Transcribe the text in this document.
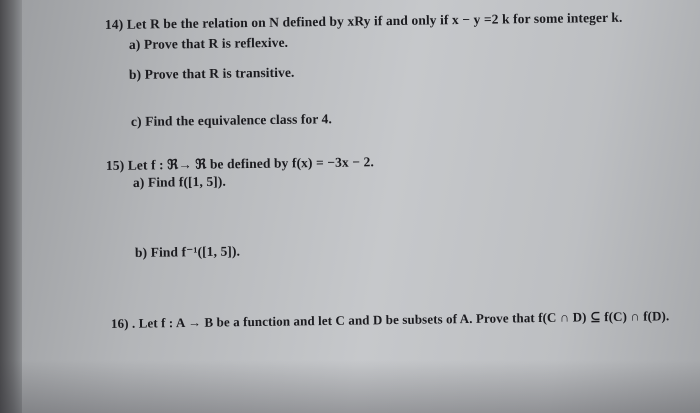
14) Let R be the relation on N defined by xRy if and only if x − y =2 k for some integer k.
a) Prove that R is reflexive.
b) Prove that R is transitive.
c) Find the equivalence class for 4.
15) Let f : ℜ→ ℜ be defined by f(x) = −3x − 2.
a) Find f([1, 5]).
b) Find f⁻¹([1, 5]).
16) . Let f : A → B be a function and let C and D be subsets of A. Prove that f(C ∩ D) ⊆ f(C) ∩ f(D).
